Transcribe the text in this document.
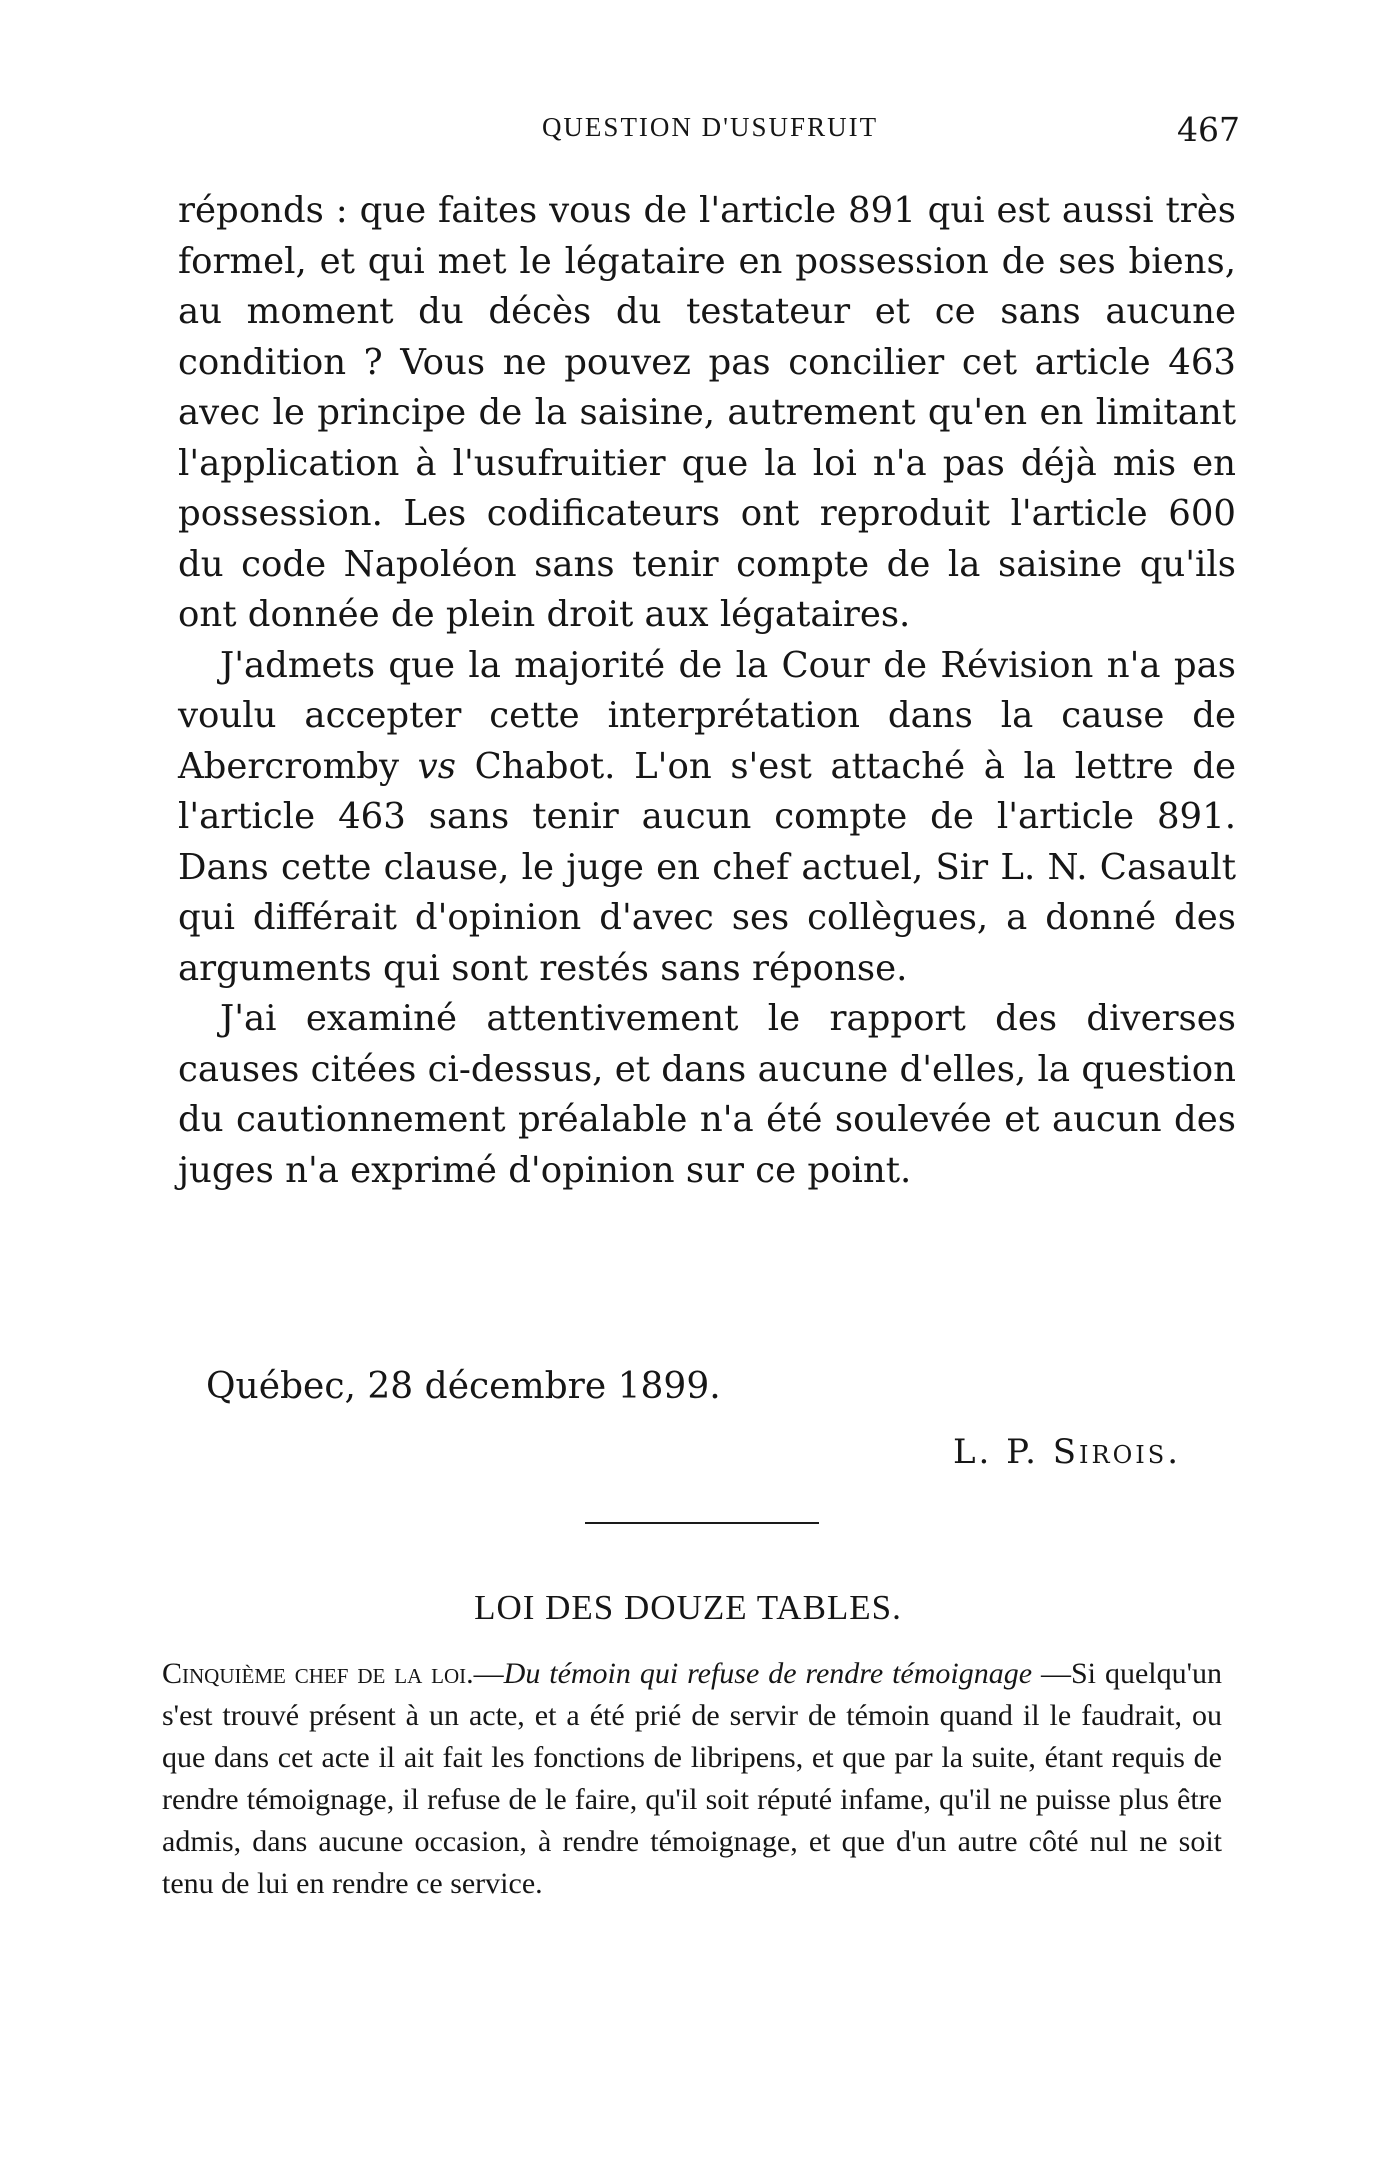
QUESTION D'USUFRUIT	467

réponds : que faites vous de l'article 891 qui est aussi très formel, et qui met le légataire en possession de ses biens, au moment du décès du testateur et ce sans aucune condition ? Vous ne pouvez pas concilier cet article 463 avec le principe de la saisine, autrement qu'en en limitant l'application à l'usufruitier que la loi n'a pas déjà mis en possession. Les codificateurs ont reproduit l'article 600 du code Napoléon sans tenir compte de la saisine qu'ils ont donnée de plein droit aux légataires.

J'admets que la majorité de la Cour de Révision n'a pas voulu accepter cette interprétation dans la cause de Abercromby vs Chabot. L'on s'est attaché à la lettre de l'article 463 sans tenir aucun compte de l'article 891. Dans cette clause, le juge en chef actuel, Sir L. N. Casault qui différait d'opinion d'avec ses collègues, a donné des arguments qui sont restés sans réponse.

J'ai examiné attentivement le rapport des diverses causes citées ci-dessus, et dans aucune d'elles, la question du cautionnement préalable n'a été soulevée et aucun des juges n'a exprimé d'opinion sur ce point.

Québec, 28 décembre 1899.
L. P. Sirois.
LOI DES DOUZE TABLES.

Cinquième chef de la loi.—Du témoin qui refuse de rendre témoignage —Si quelqu'un s'est trouvé présent à un acte, et a été prié de servir de témoin quand il le faudrait, ou que dans cet acte il ait fait les fonctions de libripens, et que par la suite, étant requis de rendre témoignage, il refuse de le faire, qu'il soit réputé infame, qu'il ne puisse plus être admis, dans aucune occasion, à rendre témoignage, et que d'un autre côté nul ne soit tenu de lui en rendre ce service.
